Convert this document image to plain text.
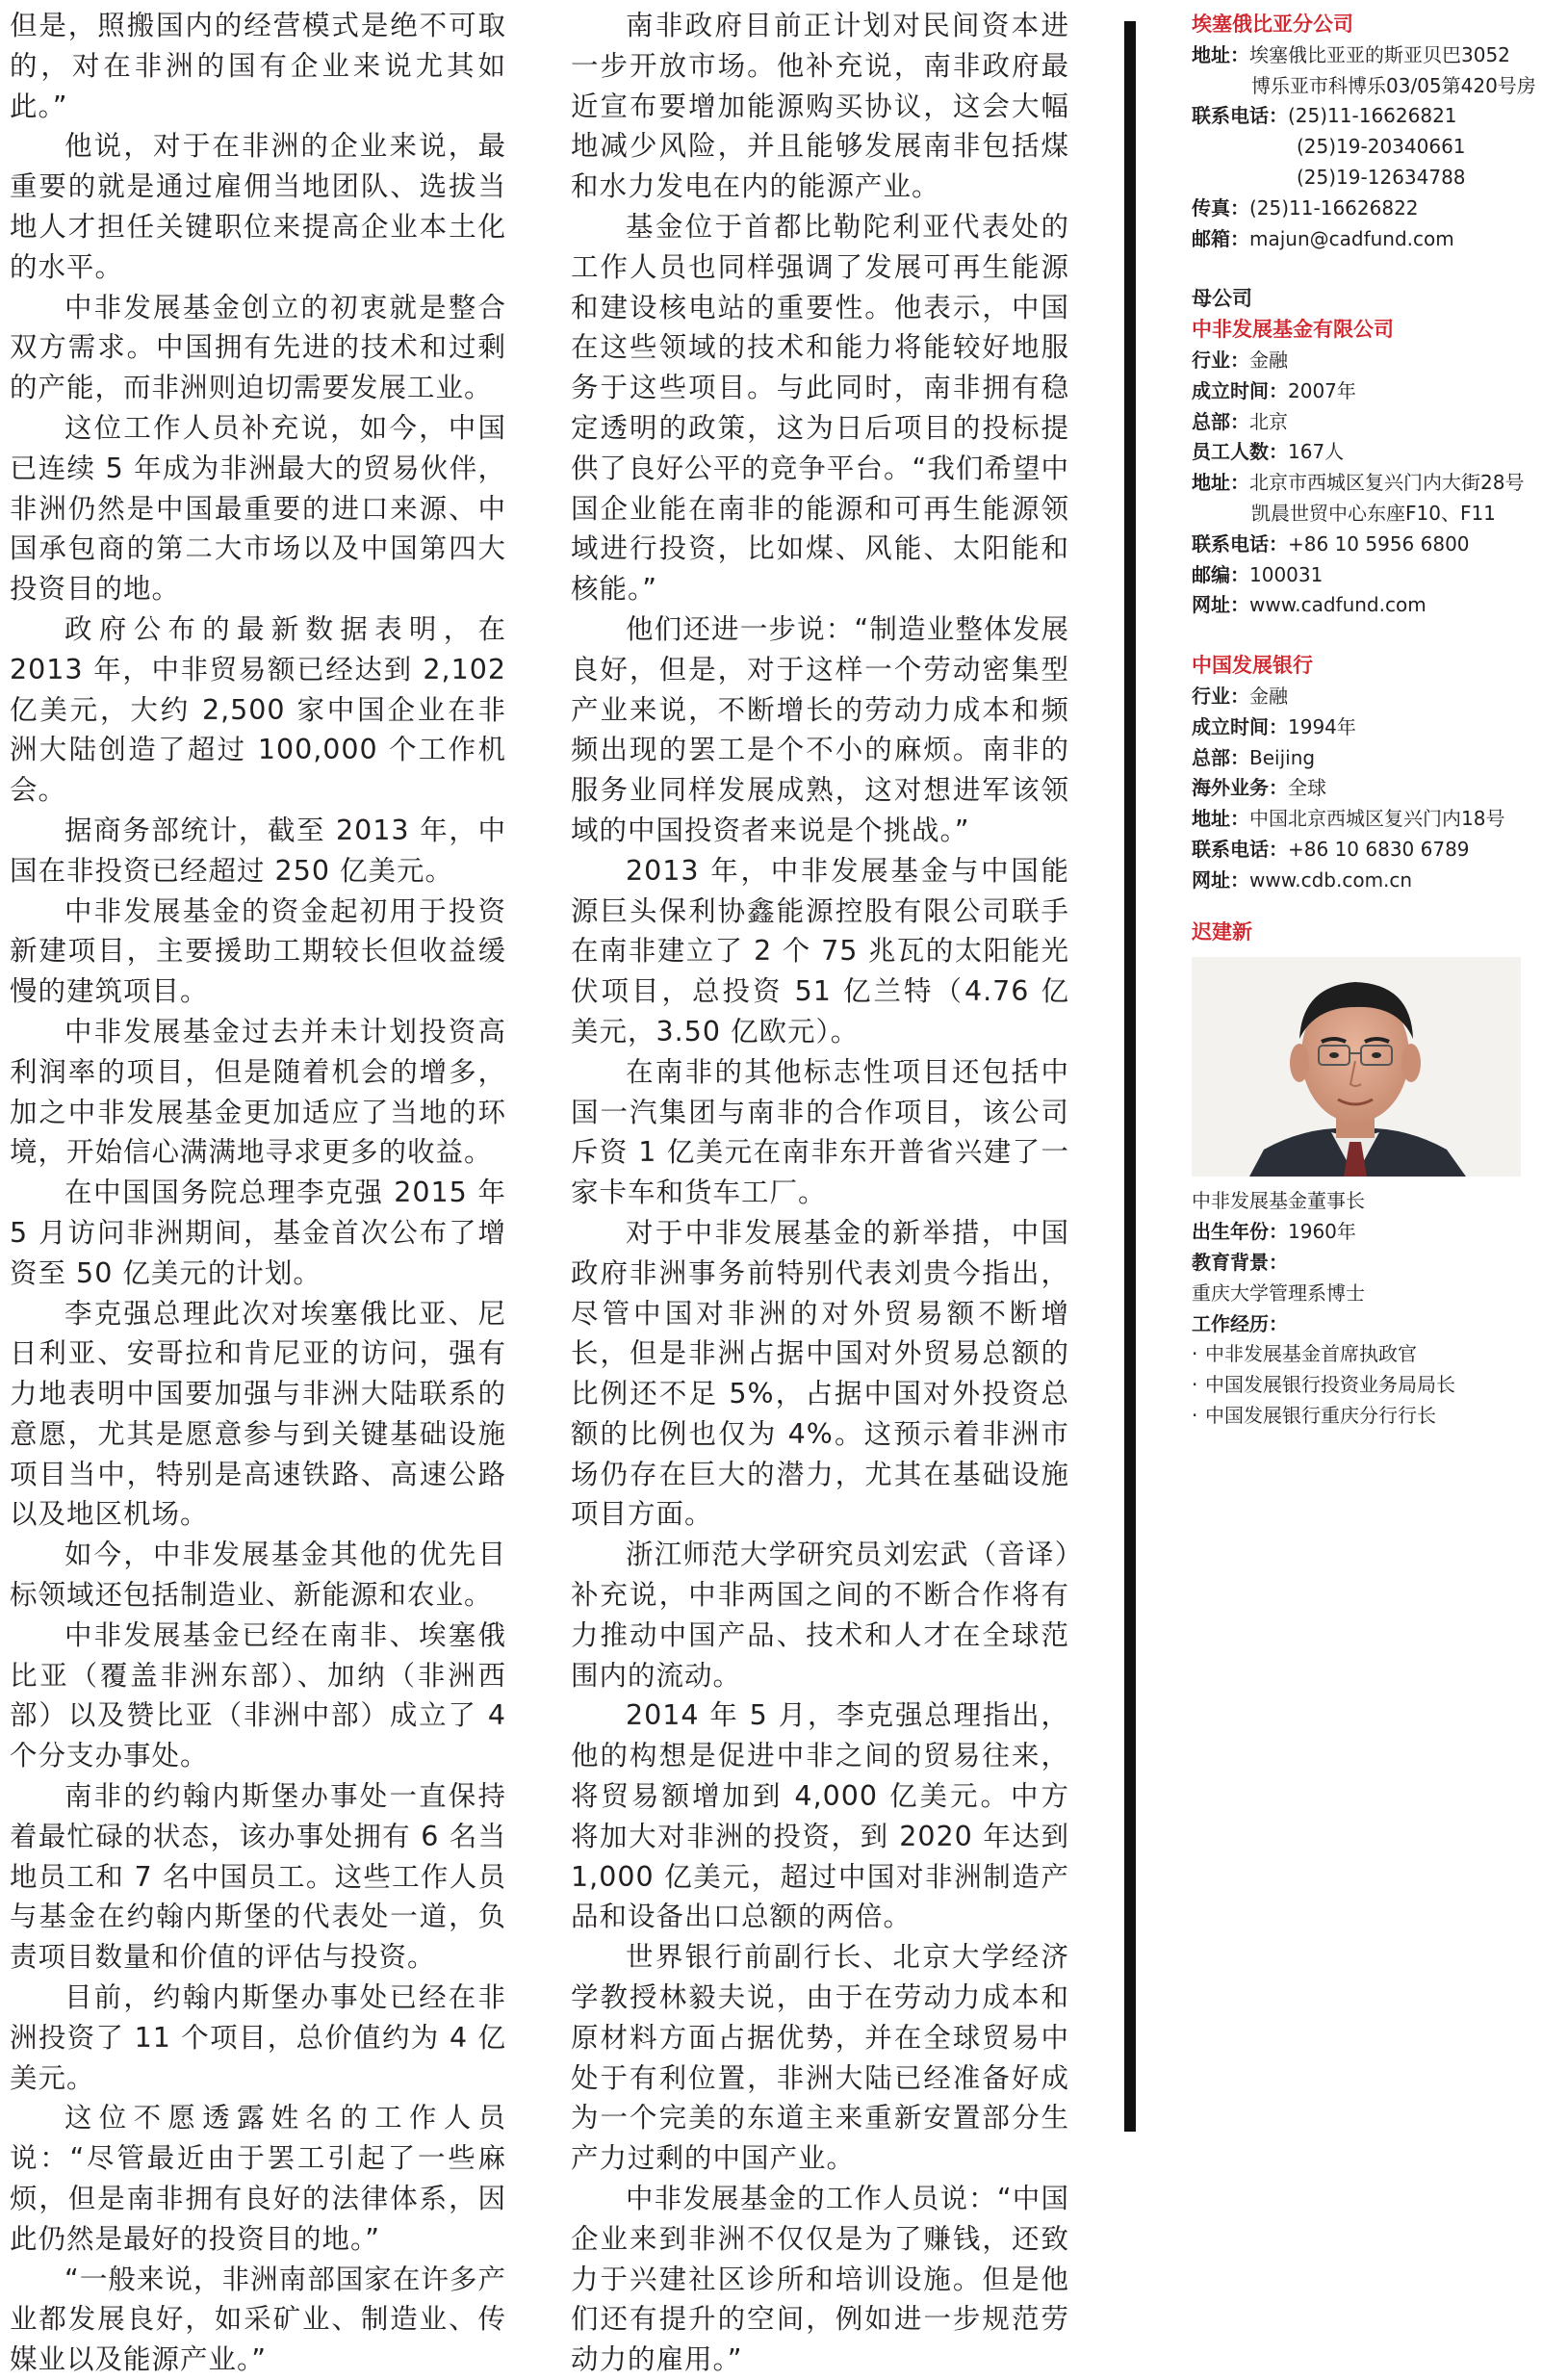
但是，照搬国内的经营模式是绝不可取的，对在非洲的国有企业来说尤其如此。”

他说，对于在非洲的企业来说，最重要的就是通过雇佣当地团队、选拔当地人才担任关键职位来提高企业本土化的水平。

中非发展基金创立的初衷就是整合双方需求。中国拥有先进的技术和过剩的产能，而非洲则迫切需要发展工业。

这位工作人员补充说，如今，中国已连续 5 年成为非洲最大的贸易伙伴，非洲仍然是中国最重要的进口来源、中国承包商的第二大市场以及中国第四大投资目的地。

政府公布的最新数据表明，在 2013 年，中非贸易额已经达到 2,102 亿美元，大约 2,500 家中国企业在非洲大陆创造了超过 100,000 个工作机会。

据商务部统计，截至 2013 年，中国在非投资已经超过 250 亿美元。

中非发展基金的资金起初用于投资新建项目，主要援助工期较长但收益缓慢的建筑项目。

中非发展基金过去并未计划投资高利润率的项目，但是随着机会的增多，加之中非发展基金更加适应了当地的环境，开始信心满满地寻求更多的收益。

在中国国务院总理李克强 2015 年 5 月访问非洲期间，基金首次公布了增资至 50 亿美元的计划。

李克强总理此次对埃塞俄比亚、尼日利亚、安哥拉和肯尼亚的访问，强有力地表明中国要加强与非洲大陆联系的意愿，尤其是愿意参与到关键基础设施项目当中，特别是高速铁路、高速公路以及地区机场。

如今，中非发展基金其他的优先目标领域还包括制造业、新能源和农业。

中非发展基金已经在南非、埃塞俄比亚（覆盖非洲东部）、加纳（非洲西部）以及赞比亚（非洲中部）成立了 4 个分支办事处。

南非的约翰内斯堡办事处一直保持着最忙碌的状态，该办事处拥有 6 名当地员工和 7 名中国员工。这些工作人员与基金在约翰内斯堡的代表处一道，负责项目数量和价值的评估与投资。

目前，约翰内斯堡办事处已经在非洲投资了 11 个项目，总价值约为 4 亿美元。

这位不愿透露姓名的工作人员说：“尽管最近由于罢工引起了一些麻烦，但是南非拥有良好的法律体系，因此仍然是最好的投资目的地。”

“一般来说，非洲南部国家在许多产业都发展良好，如采矿业、制造业、传媒业以及能源产业。”

南非政府目前正计划对民间资本进一步开放市场。他补充说，南非政府最近宣布要增加能源购买协议，这会大幅地减少风险，并且能够发展南非包括煤和水力发电在内的能源产业。

基金位于首都比勒陀利亚代表处的工作人员也同样强调了发展可再生能源和建设核电站的重要性。他表示，中国在这些领域的技术和能力将能较好地服务于这些项目。与此同时，南非拥有稳定透明的政策，这为日后项目的投标提供了良好公平的竞争平台。“我们希望中国企业能在南非的能源和可再生能源领域进行投资，比如煤、风能、太阳能和核能。”

他们还进一步说：“制造业整体发展良好，但是，对于这样一个劳动密集型产业来说，不断增长的劳动力成本和频频出现的罢工是个不小的麻烦。南非的服务业同样发展成熟，这对想进军该领域的中国投资者来说是个挑战。”

2013 年，中非发展基金与中国能源巨头保利协鑫能源控股有限公司联手在南非建立了 2 个 75 兆瓦的太阳能光伏项目，总投资 51 亿兰特（4.76 亿美元，3.50 亿欧元）。

在南非的其他标志性项目还包括中国一汽集团与南非的合作项目，该公司斥资 1 亿美元在南非东开普省兴建了一家卡车和货车工厂。

对于中非发展基金的新举措，中国政府非洲事务前特别代表刘贵今指出，尽管中国对非洲的对外贸易额不断增长，但是非洲占据中国对外贸易总额的比例还不足 5%，占据中国对外投资总额的比例也仅为 4%。这预示着非洲市场仍存在巨大的潜力，尤其在基础设施项目方面。

浙江师范大学研究员刘宏武（音译）补充说，中非两国之间的不断合作将有力推动中国产品、技术和人才在全球范围内的流动。

2014 年 5 月，李克强总理指出，他的构想是促进中非之间的贸易往来，将贸易额增加到 4,000 亿美元。中方将加大对非洲的投资，到 2020 年达到 1,000 亿美元，超过中国对非洲制造产品和设备出口总额的两倍。

世界银行前副行长、北京大学经济学教授林毅夫说，由于在劳动力成本和原材料方面占据优势，并在全球贸易中处于有利位置，非洲大陆已经准备好成为一个完美的东道主来重新安置部分生产力过剩的中国产业。

中非发展基金的工作人员说：“中国企业来到非洲不仅仅是为了赚钱，还致力于兴建社区诊所和培训设施。但是他们还有提升的空间，例如进一步规范劳动力的雇用。”

埃塞俄比亚分公司
地址：埃塞俄比亚亚的斯亚贝巴3052
博乐亚市科博乐03/05第420号房
联系电话：(25)11-16626821
(25)19-20340661
(25)19-12634788
传真：(25)11-16626822
邮箱：majun@cadfund.com
母公司
中非发展基金有限公司
行业：金融
成立时间：2007年
总部：北京
员工人数：167人
地址：北京市西城区复兴门内大街28号
凯晨世贸中心东座F10、F11
联系电话：+86 10 5956 6800
邮编：100031
网址：www.cadfund.com
中国发展银行
行业：金融
成立时间：1994年
总部：Beijing
海外业务：全球
地址：中国北京西城区复兴门内18号
联系电话：+86 10 6830 6789
网址：www.cdb.com.cn
迟建新
中非发展基金董事长
出生年份：1960年
教育背景：
重庆大学管理系博士
工作经历：
· 中非发展基金首席执政官
· 中国发展银行投资业务局局长
· 中国发展银行重庆分行行长
